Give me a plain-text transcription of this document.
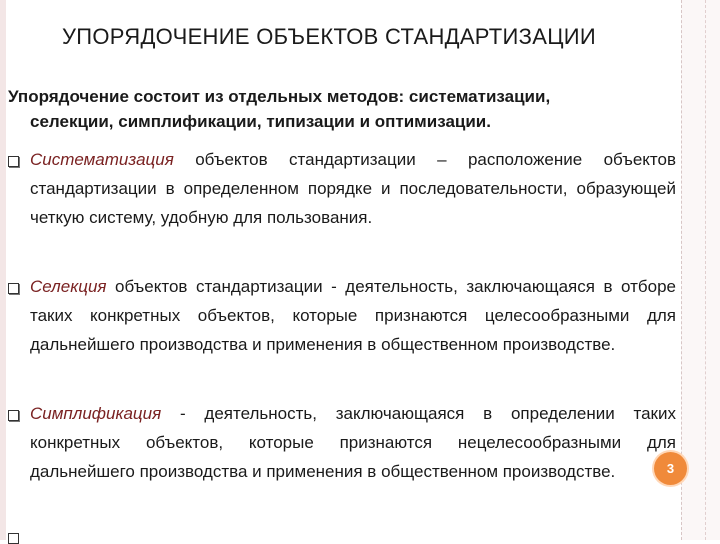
УПОРЯДОЧЕНИЕ ОБЪЕКТОВ СТАНДАРТИЗАЦИИ
Упорядочение состоит из отдельных методов: систематизации,
селекции, симплификации, типизации и оптимизации.
Систематизация объектов стандартизации – расположение объектов стандартизации в определенном порядке и последовательности, образующей четкую систему, удобную для пользования.
Селекция объектов стандартизации - деятельность, заключающаяся в отборе таких конкретных объектов, которые признаются целесообразными для дальнейшего производства и применения в общественном производстве.
Симплификация - деятельность, заключающаяся в определении таких конкретных объектов, которые признаются нецелесообразными для дальнейшего производства и применения в общественном производстве.	3
